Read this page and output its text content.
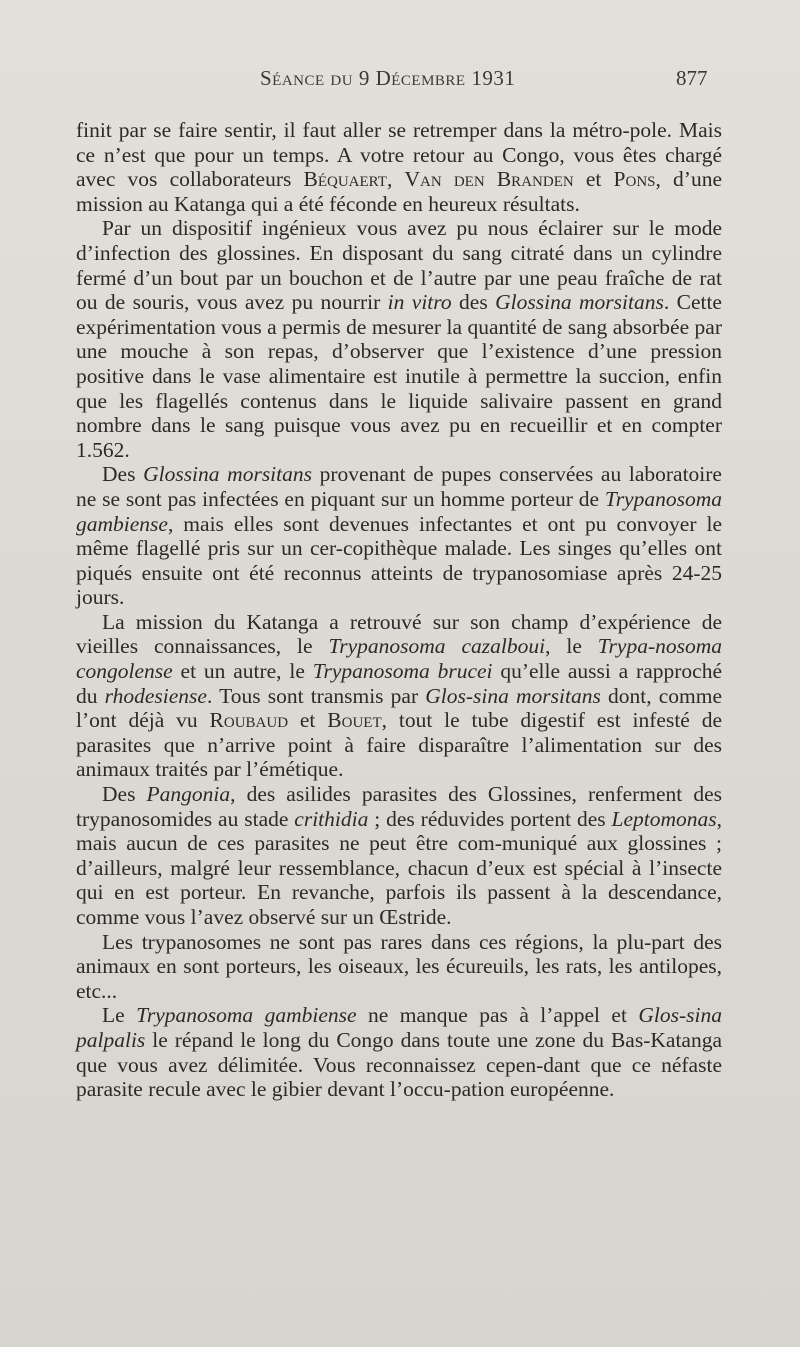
Séance du 9 Décembre 1931	877

finit par se faire sentir, il faut aller se retremper dans la métro-pole. Mais ce n’est que pour un temps. A votre retour au Congo, vous êtes chargé avec vos collaborateurs Béquaert, Van den Branden et Pons, d’une mission au Katanga qui a été féconde en heureux résultats.

Par un dispositif ingénieux vous avez pu nous éclairer sur le mode d’infection des glossines. En disposant du sang citraté dans un cylindre fermé d’un bout par un bouchon et de l’autre par une peau fraîche de rat ou de souris, vous avez pu nourrir in vitro des Glossina morsitans. Cette expérimentation vous a permis de mesurer la quantité de sang absorbée par une mouche à son repas, d’observer que l’existence d’une pression positive dans le vase alimentaire est inutile à permettre la succion, enfin que les flagellés contenus dans le liquide salivaire passent en grand nombre dans le sang puisque vous avez pu en recueillir et en compter 1.562.

Des Glossina morsitans provenant de pupes conservées au laboratoire ne se sont pas infectées en piquant sur un homme porteur de Trypanosoma gambiense, mais elles sont devenues infectantes et ont pu convoyer le même flagellé pris sur un cer-copithèque malade. Les singes qu’elles ont piqués ensuite ont été reconnus atteints de trypanosomiase après 24-25 jours.

La mission du Katanga a retrouvé sur son champ d’expérience de vieilles connaissances, le Trypanosoma cazalboui, le Trypa-nosoma congolense et un autre, le Trypanosoma brucei qu’elle aussi a rapproché du rhodesiense. Tous sont transmis par Glos-sina morsitans dont, comme l’ont déjà vu Roubaud et Bouet, tout le tube digestif est infesté de parasites que n’arrive point à faire disparaître l’alimentation sur des animaux traités par l’émétique.

Des Pangonia, des asilides parasites des Glossines, renferment des trypanosomides au stade crithidia ; des réduvides portent des Leptomonas, mais aucun de ces parasites ne peut être com-muniqué aux glossines ; d’ailleurs, malgré leur ressemblance, chacun d’eux est spécial à l’insecte qui en est porteur. En revanche, parfois ils passent à la descendance, comme vous l’avez observé sur un Œstride.

Les trypanosomes ne sont pas rares dans ces régions, la plu-part des animaux en sont porteurs, les oiseaux, les écureuils, les rats, les antilopes, etc...

Le Trypanosoma gambiense ne manque pas à l’appel et Glos-sina palpalis le répand le long du Congo dans toute une zone du Bas-Katanga que vous avez délimitée. Vous reconnaissez cepen-dant que ce néfaste parasite recule avec le gibier devant l’occu-pation européenne.
